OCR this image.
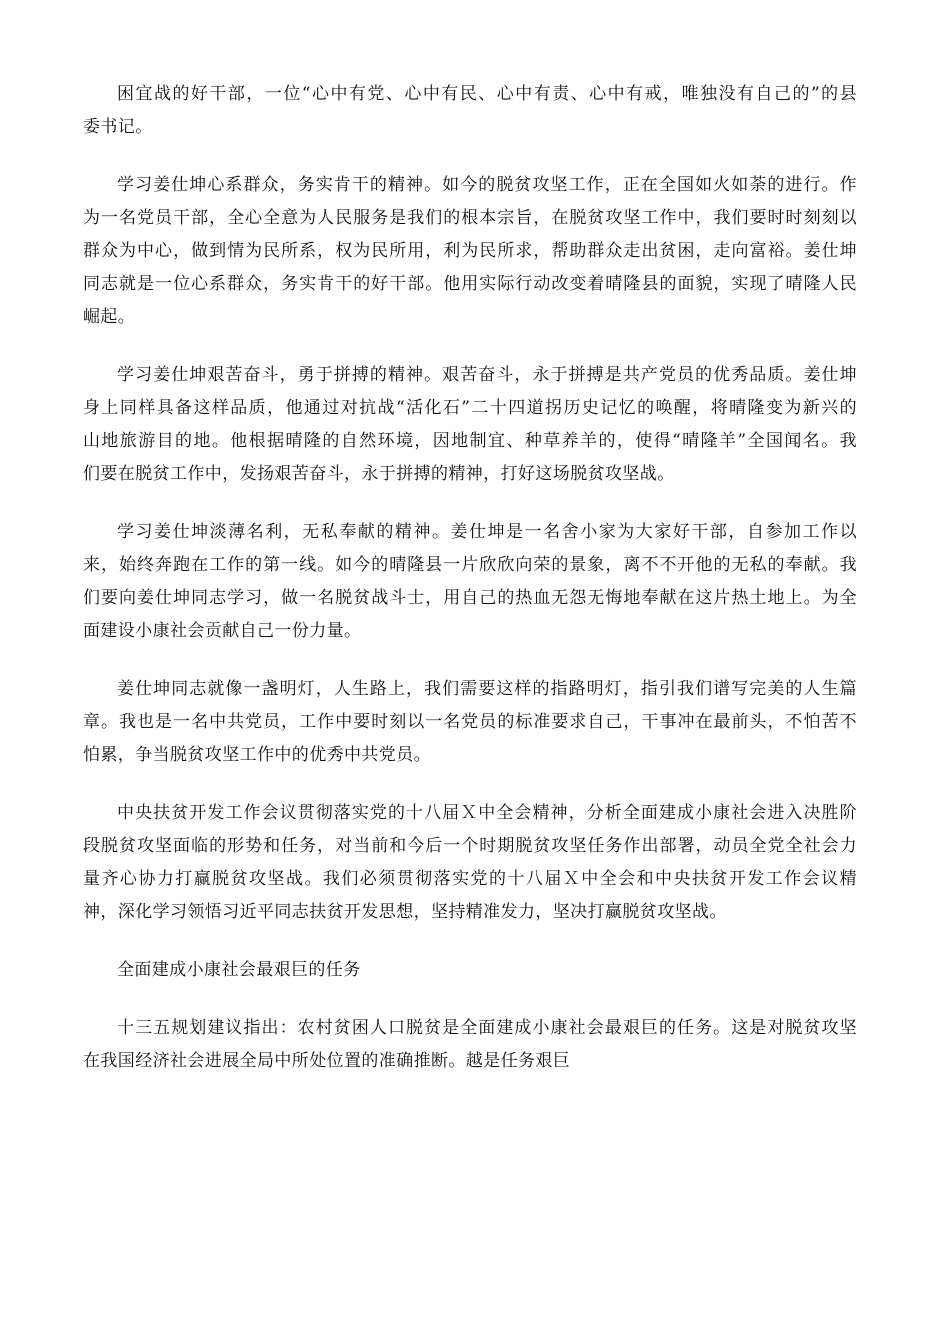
困宜战的好干部，一位“心中有党、心中有民、心中有责、心中有戒，唯独没有自己的”的县
委书记。
学习姜仕坤心系群众，务实肯干的精神。如今的脱贫攻坚工作，正在全国如火如荼的进行。作
为一名党员干部，全心全意为人民服务是我们的根本宗旨，在脱贫攻坚工作中，我们要时时刻刻以
群众为中心，做到情为民所系，权为民所用，利为民所求，帮助群众走出贫困，走向富裕。姜仕坤
同志就是一位心系群众，务实肯干的好干部。他用实际行动改变着晴隆县的面貌，实现了晴隆人民
崛起。
学习姜仕坤艰苦奋斗，勇于拼搏的精神。艰苦奋斗，永于拼搏是共产党员的优秀品质。姜仕坤
身上同样具备这样品质，他通过对抗战“活化石”二十四道拐历史记忆的唤醒，将晴隆变为新兴的
山地旅游目的地。他根据晴隆的自然环境，因地制宜、种草养羊的，使得“晴隆羊”全国闻名。我
们要在脱贫工作中，发扬艰苦奋斗，永于拼搏的精神，打好这场脱贫攻坚战。
学习姜仕坤淡薄名利，无私奉献的精神。姜仕坤是一名舍小家为大家好干部，自参加工作以
来，始终奔跑在工作的第一线。如今的晴隆县一片欣欣向荣的景象，离不不开他的无私的奉献。我
们要向姜仕坤同志学习，做一名脱贫战斗士，用自己的热血无怨无悔地奉献在这片热土地上。为全
面建设小康社会贡献自己一份力量。
姜仕坤同志就像一盏明灯，人生路上，我们需要这样的指路明灯，指引我们谱写完美的人生篇
章。我也是一名中共党员，工作中要时刻以一名党员的标准要求自己，干事冲在最前头，不怕苦不
怕累，争当脱贫攻坚工作中的优秀中共党员。
中央扶贫开发工作会议贯彻落实党的十八届Ｘ中全会精神，分析全面建成小康社会进入决胜阶
段脱贫攻坚面临的形势和任务，对当前和今后一个时期脱贫攻坚任务作出部署，动员全党全社会力
量齐心协力打赢脱贫攻坚战。我们必须贯彻落实党的十八届Ｘ中全会和中央扶贫开发工作会议精
神，深化学习领悟习近平同志扶贫开发思想，坚持精准发力，坚决打赢脱贫攻坚战。
全面建成小康社会最艰巨的任务
十三五规划建议指出：农村贫困人口脱贫是全面建成小康社会最艰巨的任务。这是对脱贫攻坚
在我国经济社会进展全局中所处位置的准确推断。越是任务艰巨
